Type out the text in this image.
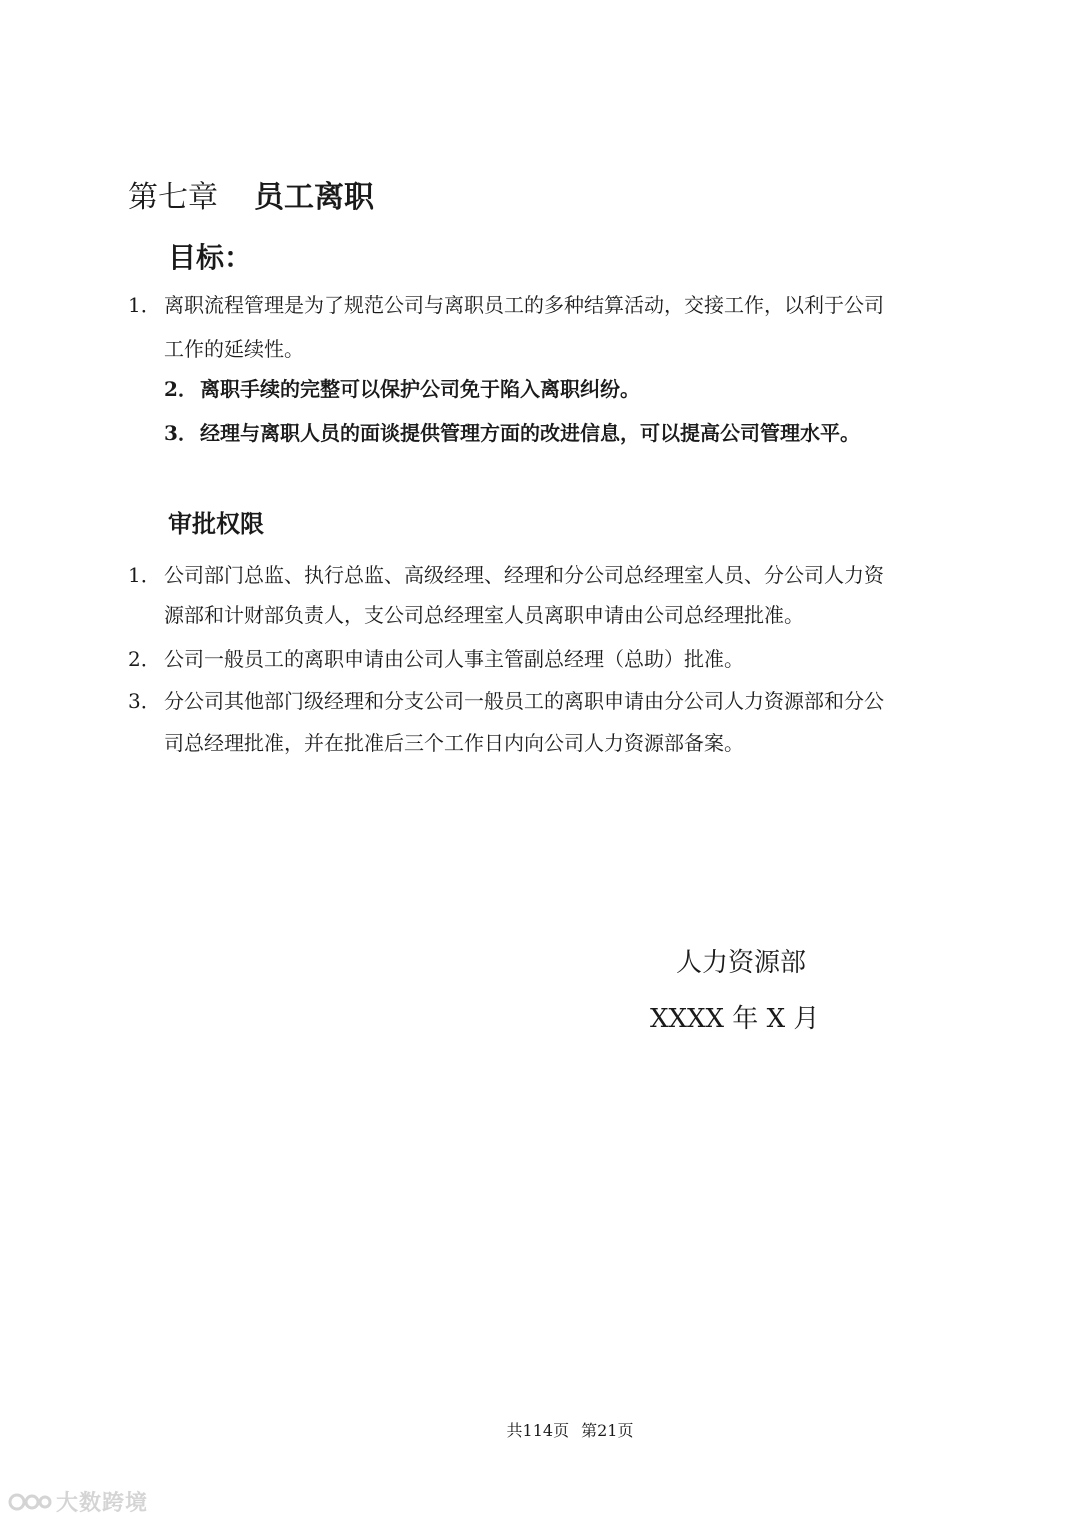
第七章 员工离职
目标：
1． 离职流程管理是为了规范公司与离职员工的多种结算活动，交接工作，以利于公司
工作的延续性。
2． 离职手续的完整可以保护公司免于陷入离职纠纷。
3． 经理与离职人员的面谈提供管理方面的改进信息，可以提高公司管理水平。
审批权限
1． 公司部门总监、执行总监、高级经理、经理和分公司总经理室人员、分公司人力资
源部和计财部负责人，支公司总经理室人员离职申请由公司总经理批准。
2． 公司一般员工的离职申请由公司人事主管副总经理（总助）批准。
3． 分公司其他部门级经理和分支公司一般员工的离职申请由分公司人力资源部和分公
司总经理批准，并在批准后三个工作日内向公司人力资源部备案。
人力资源部
XXXX 年 X 月
共114页 第21页
大数跨境
